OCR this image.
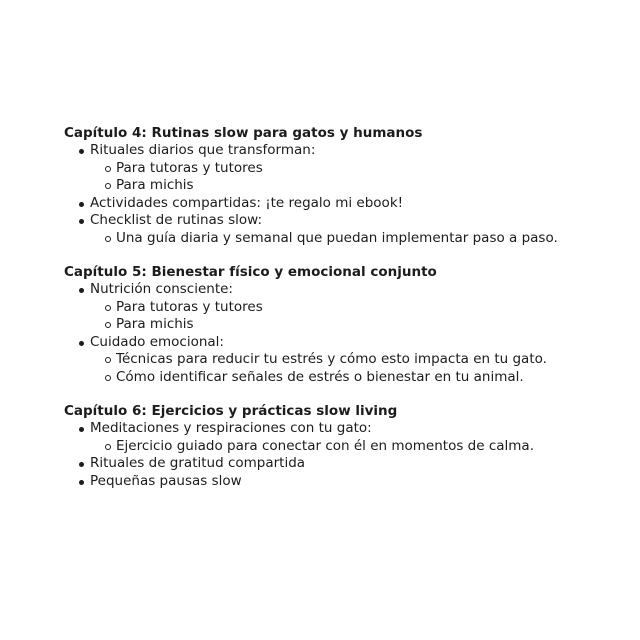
Capítulo 4: Rutinas slow para gatos y humanos
Rituales diarios que transforman:
Para tutoras y tutores
Para michis
Actividades compartidas: ¡te regalo mi ebook!
Checklist de rutinas slow:
Una guía diaria y semanal que puedan implementar paso a paso.
Capítulo 5: Bienestar físico y emocional conjunto
Nutrición consciente:
Para tutoras y tutores
Para michis
Cuidado emocional:
Técnicas para reducir tu estrés y cómo esto impacta en tu gato.
Cómo identificar señales de estrés o bienestar en tu animal.
Capítulo 6: Ejercicios y prácticas slow living
Meditaciones y respiraciones con tu gato:
Ejercicio guiado para conectar con él en momentos de calma.
Rituales de gratitud compartida
Pequeñas pausas slow
